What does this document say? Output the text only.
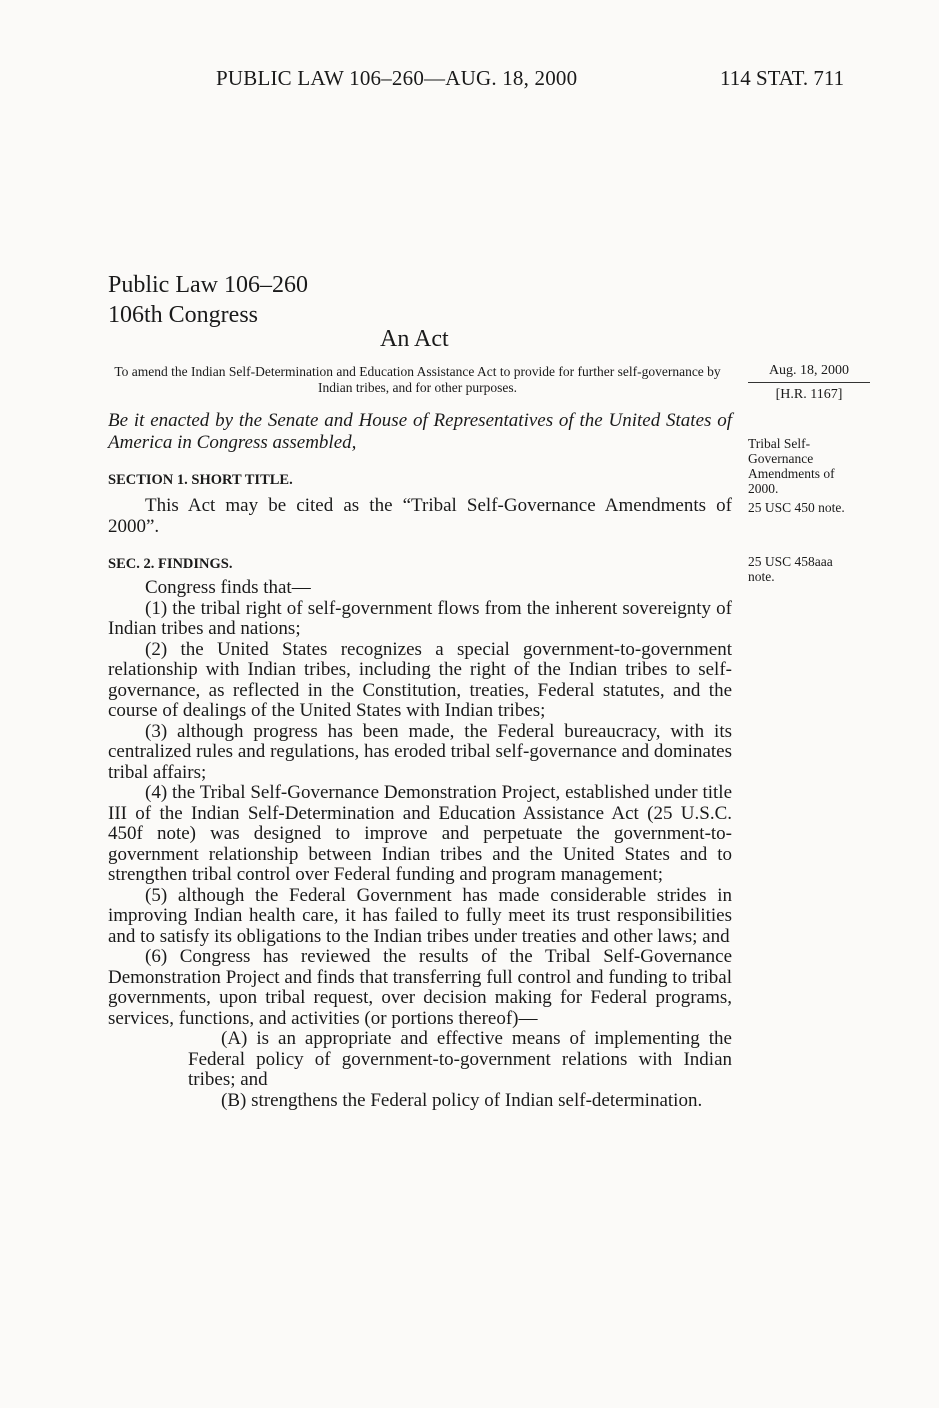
PUBLIC LAW 106–260—AUG. 18, 2000	114 STAT. 711
Public Law 106–260
106th Congress
An Act
To amend the Indian Self-Determination and Education Assistance Act to provide for further self-governance by Indian tribes, and for other purposes.
Aug. 18, 2000
[H.R. 1167]
Be it enacted by the Senate and House of Representatives of the United States of America in Congress assembled,	Tribal Self-Governance Amendments of 2000.
25 USC 450 note.
25 USC 458aaa note.
SECTION 1. SHORT TITLE.

This Act may be cited as the “Tribal Self-Governance Amendments of 2000”.

SEC. 2. FINDINGS.

Congress finds that—

(1) the tribal right of self-government flows from the inherent sovereignty of Indian tribes and nations;

(2) the United States recognizes a special government-to-government relationship with Indian tribes, including the right of the Indian tribes to self-governance, as reflected in the Constitution, treaties, Federal statutes, and the course of dealings of the United States with Indian tribes;

(3) although progress has been made, the Federal bureaucracy, with its centralized rules and regulations, has eroded tribal self-governance and dominates tribal affairs;

(4) the Tribal Self-Governance Demonstration Project, established under title III of the Indian Self-Determination and Education Assistance Act (25 U.S.C. 450f note) was designed to improve and perpetuate the government-to-government relationship between Indian tribes and the United States and to strengthen tribal control over Federal funding and program management;

(5) although the Federal Government has made considerable strides in improving Indian health care, it has failed to fully meet its trust responsibilities and to satisfy its obligations to the Indian tribes under treaties and other laws; and

(6) Congress has reviewed the results of the Tribal Self-Governance Demonstration Project and finds that transferring full control and funding to tribal governments, upon tribal request, over decision making for Federal programs, services, functions, and activities (or portions thereof)—

(A) is an appropriate and effective means of implementing the Federal policy of government-to-government relations with Indian tribes; and

(B) strengthens the Federal policy of Indian self-determination.
